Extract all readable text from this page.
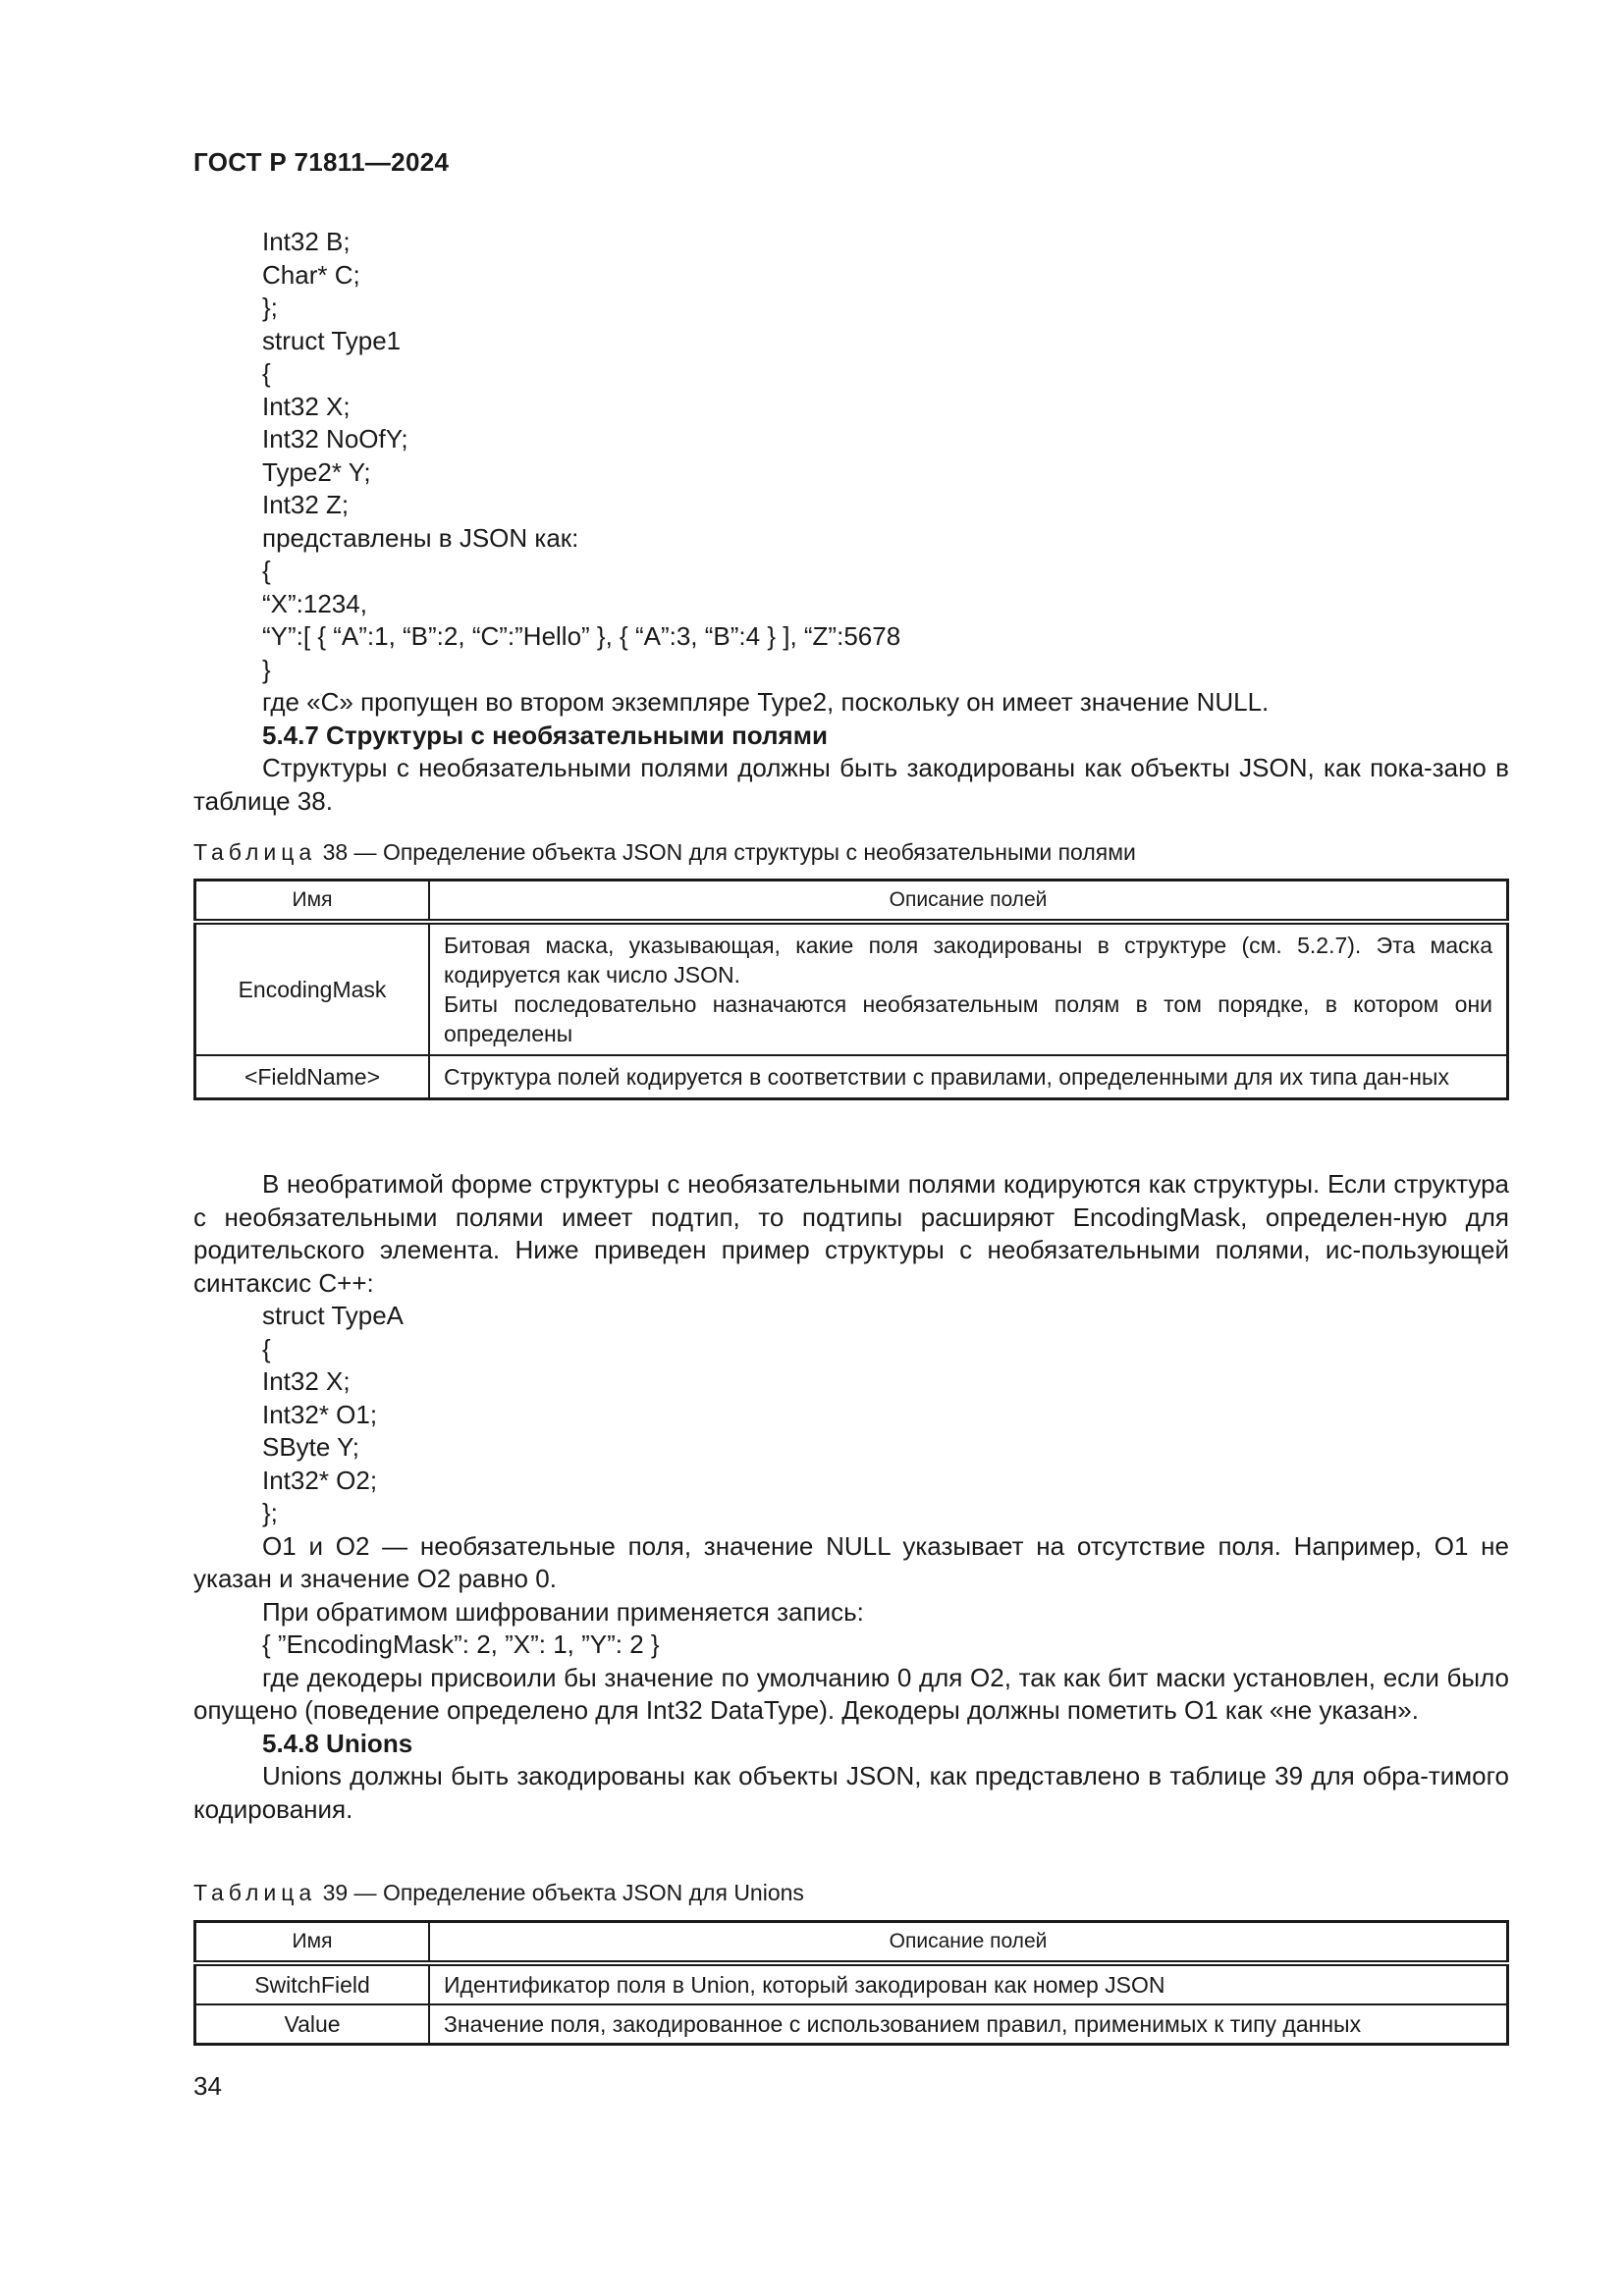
ГОСТ Р 71811—2024
Int32 B;
Char* C;
};
struct Type1
{
Int32 X;
Int32 NoOfY;
Type2* Y;
Int32 Z;
представлены в JSON как:
{
“X”:1234,
“Y”:[ { “A”:1, “B”:2, “C”:”Hello” }, { “A”:3, “B”:4 } ], “Z”:5678
}
где «С» пропущен во втором экземпляре Type2, поскольку он имеет значение NULL.
5.4.7 Структуры с необязательными полями

Структуры с необязательными полями должны быть закодированы как объекты JSON, как пока-зано в таблице 38.

Таблица 38 — Определение объекта JSON для структуры с необязательными полями

Имя	Описание полей
EncodingMask	Битовая маска, указывающая, какие поля закодированы в структуре (см. 5.2.7). Эта маска кодируется как число JSON.
Биты последовательно назначаются необязательным полям в том порядке, в котором они определены

<FieldName>	Структура полей кодируется в соответствии с правилами, определенными для их типа дан-ных

В необратимой форме структуры с необязательными полями кодируются как структуры. Если структура с необязательными полями имеет подтип, то подтипы расширяют EncodingMask, определен-ную для родительского элемента. Ниже приведен пример структуры с необязательными полями, ис-пользующей синтаксис С++:

struct TypeA
{
Int32 X;
Int32* O1;
SByte Y;
Int32* O2;
};

O1 и O2 — необязательные поля, значение NULL указывает на отсутствие поля. Например, O1 не указан и значение O2 равно 0.

При обратимом шифровании применяется запись:

{ ”EncodingMask”: 2, ”X”: 1, ”Y”: 2 }

где декодеры присвоили бы значение по умолчанию 0 для O2, так как бит маски установлен, если было опущено (поведение определено для Int32 DataType). Декодеры должны пометить O1 как «не указан».

5.4.8 Unions

Unions должны быть закодированы как объекты JSON, как представлено в таблице 39 для обра-тимого кодирования.

Таблица 39 — Определение объекта JSON для Unions

Имя	Описание полей
SwitchField	Идентификатор поля в Union, который закодирован как номер JSON
Value	Значение поля, закодированное с использованием правил, применимых к типу данных
34
